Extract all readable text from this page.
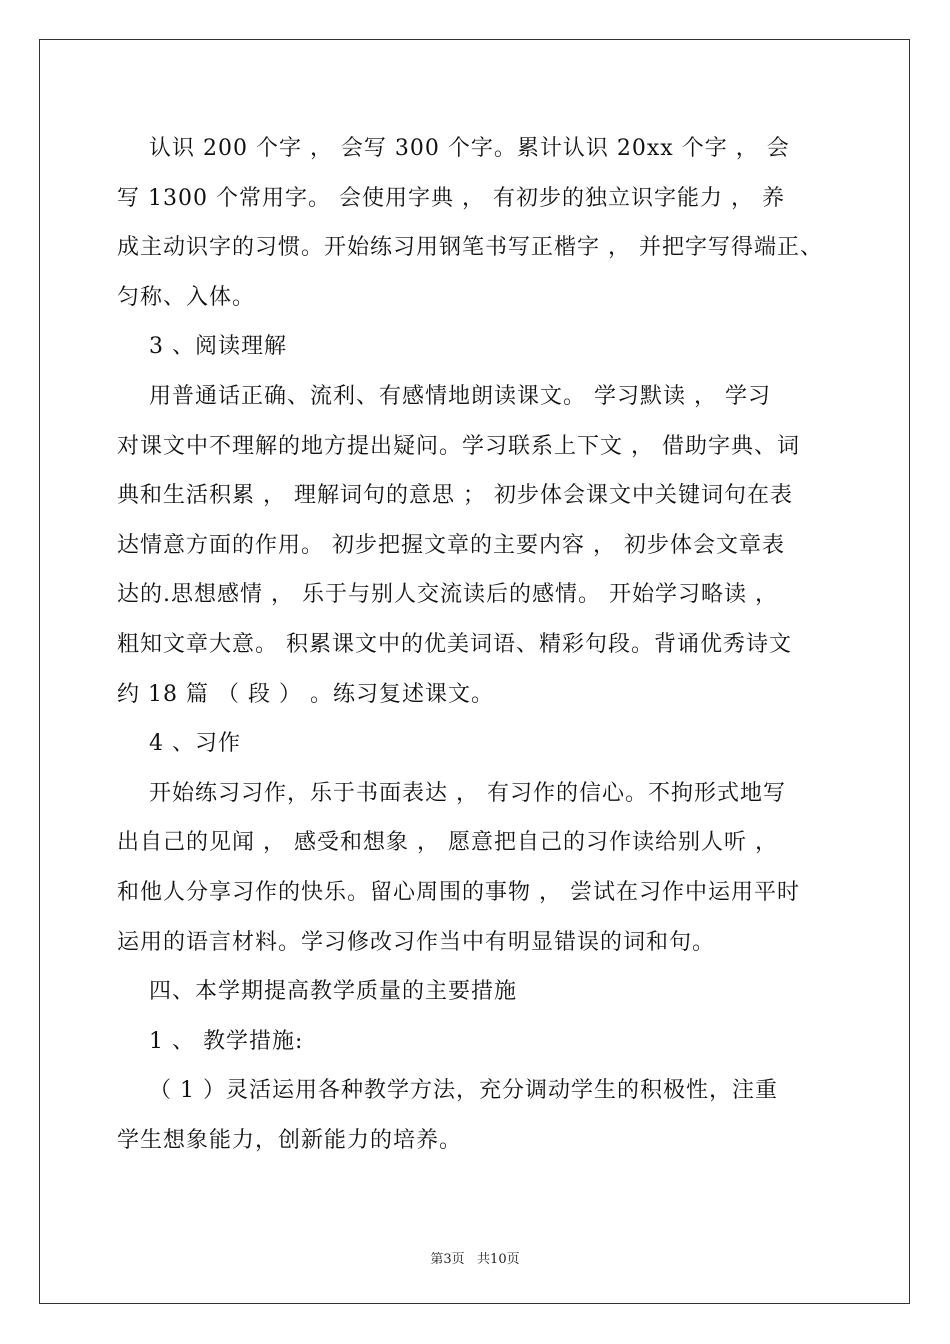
认识 200 个字 ， 会写 300 个字。累计认识 20xx 个字 ， 会
写 1300 个常用字。 会使用字典 ， 有初步的独立识字能力 ， 养
成主动识字的习惯。开始练习用钢笔书写正楷字 ， 并把字写得端正、
匀称、入体。
3 、阅读理解
用普通话正确、流利、有感情地朗读课文。 学习默读 ， 学习
对课文中不理解的地方提出疑问。学习联系上下文 ， 借助字典、词
典和生活积累 ， 理解词句的意思 ； 初步体会课文中关键词句在表
达情意方面的作用。 初步把握文章的主要内容 ， 初步体会文章表
达的.思想感情 ， 乐于与别人交流读后的感情。 开始学习略读 ，
粗知文章大意。 积累课文中的优美词语、精彩句段。背诵优秀诗文
约 18 篇 （ 段 ） 。练习复述课文。
4 、习作
开始练习习作，乐于书面表达 ， 有习作的信心。不拘形式地写
出自己的见闻 ， 感受和想象 ， 愿意把自己的习作读给别人听 ，
和他人分享习作的快乐。留心周围的事物 ， 尝试在习作中运用平时
运用的语言材料。学习修改习作当中有明显错误的词和句。
四、本学期提高教学质量的主要措施
1 、 教学措施:
（ 1 ）灵活运用各种教学方法，充分调动学生的积极性，注重
学生想象能力，创新能力的培养。
第3页   共10页
